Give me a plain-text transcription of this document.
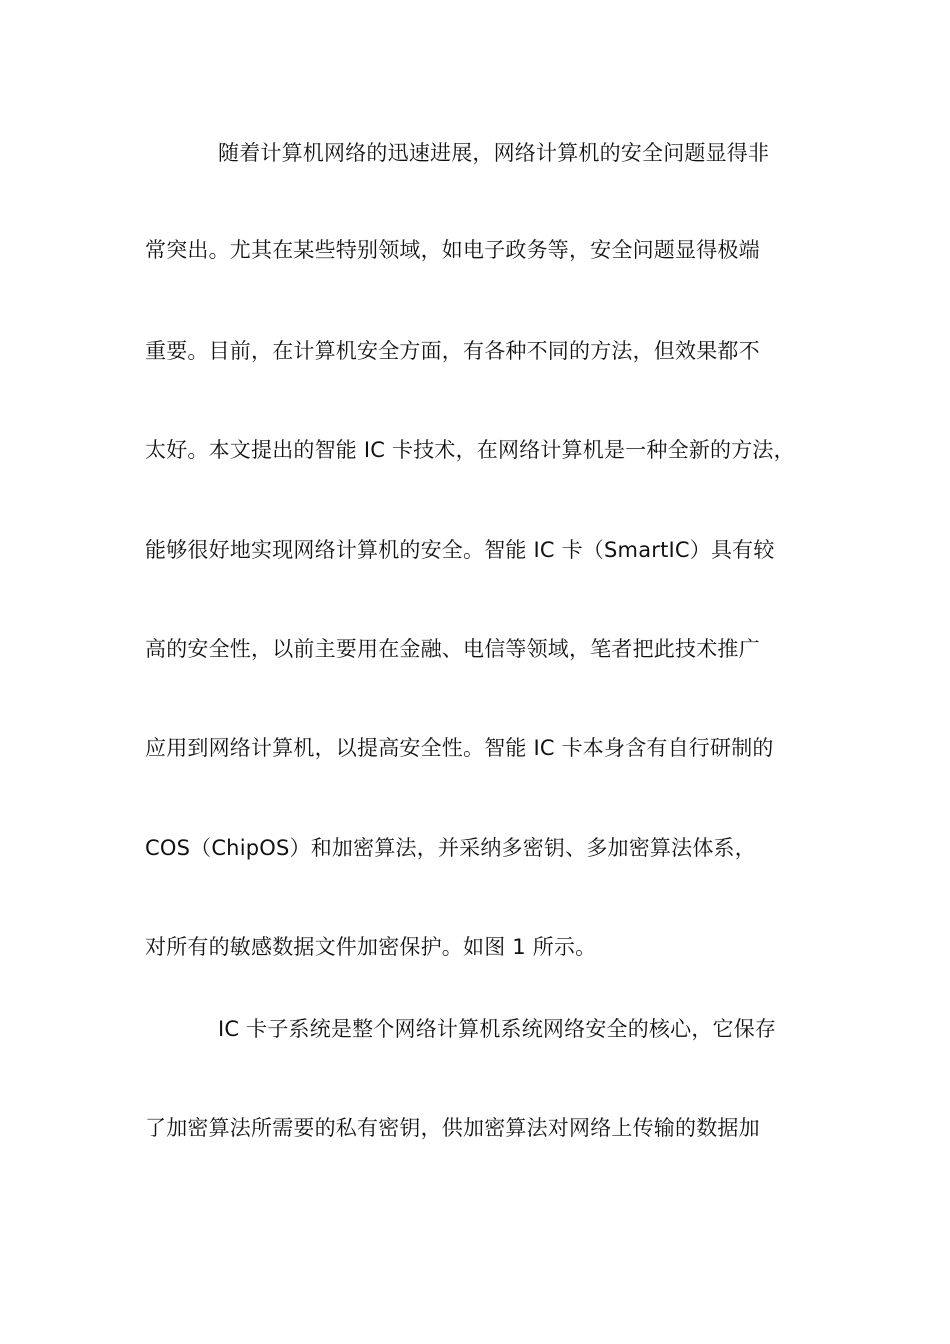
随着计算机网络的迅速进展，网络计算机的安全问题显得非
常突出。尤其在某些特别领域，如电子政务等，安全问题显得极端
重要。目前，在计算机安全方面，有各种不同的方法，但效果都不
太好。本文提出的智能 IC 卡技术，在网络计算机是一种全新的方法，
能够很好地实现网络计算机的安全。智能 IC 卡（SmartIC）具有较
高的安全性，以前主要用在金融、电信等领域，笔者把此技术推广
应用到网络计算机，以提高安全性。智能 IC 卡本身含有自行研制的
COS（ChipOS）和加密算法，并采纳多密钥、多加密算法体系，
对所有的敏感数据文件加密保护。如图 1 所示。
IC 卡子系统是整个网络计算机系统网络安全的核心，它保存
了加密算法所需要的私有密钥，供加密算法对网络上传输的数据加
